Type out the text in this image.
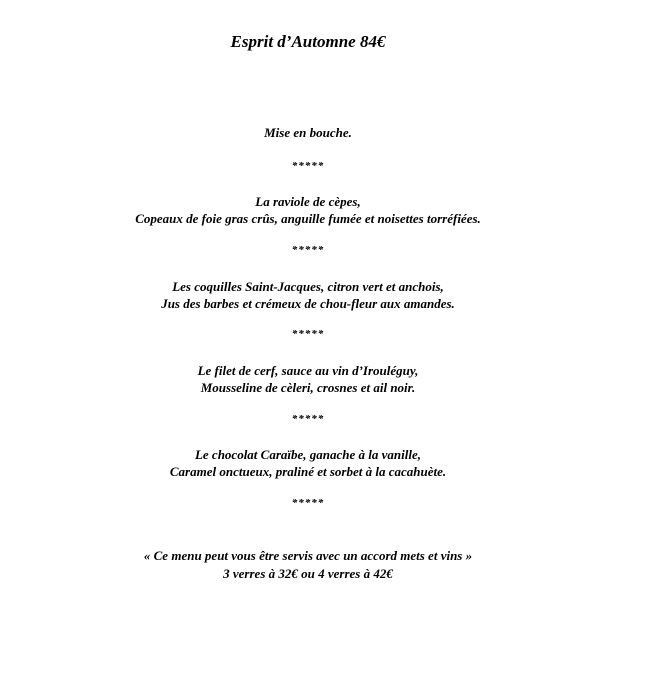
Esprit d’Automne 84€
Mise en bouche.
*****
La raviole de cèpes,
Copeaux de foie gras crûs, anguille fumée et noisettes torréfiées.
*****
Les coquilles Saint-Jacques, citron vert et anchois,
Jus des barbes et crémeux de chou-fleur aux amandes.
*****
Le filet de cerf, sauce au vin d’Irouléguy,
Mousseline de cèleri, crosnes et ail noir.
*****
Le chocolat Caraïbe, ganache à la vanille,
Caramel onctueux, praliné et sorbet à la cacahuète.
*****
« Ce menu peut vous être servis avec un accord mets et vins »
3 verres à 32€ ou 4 verres à 42€
